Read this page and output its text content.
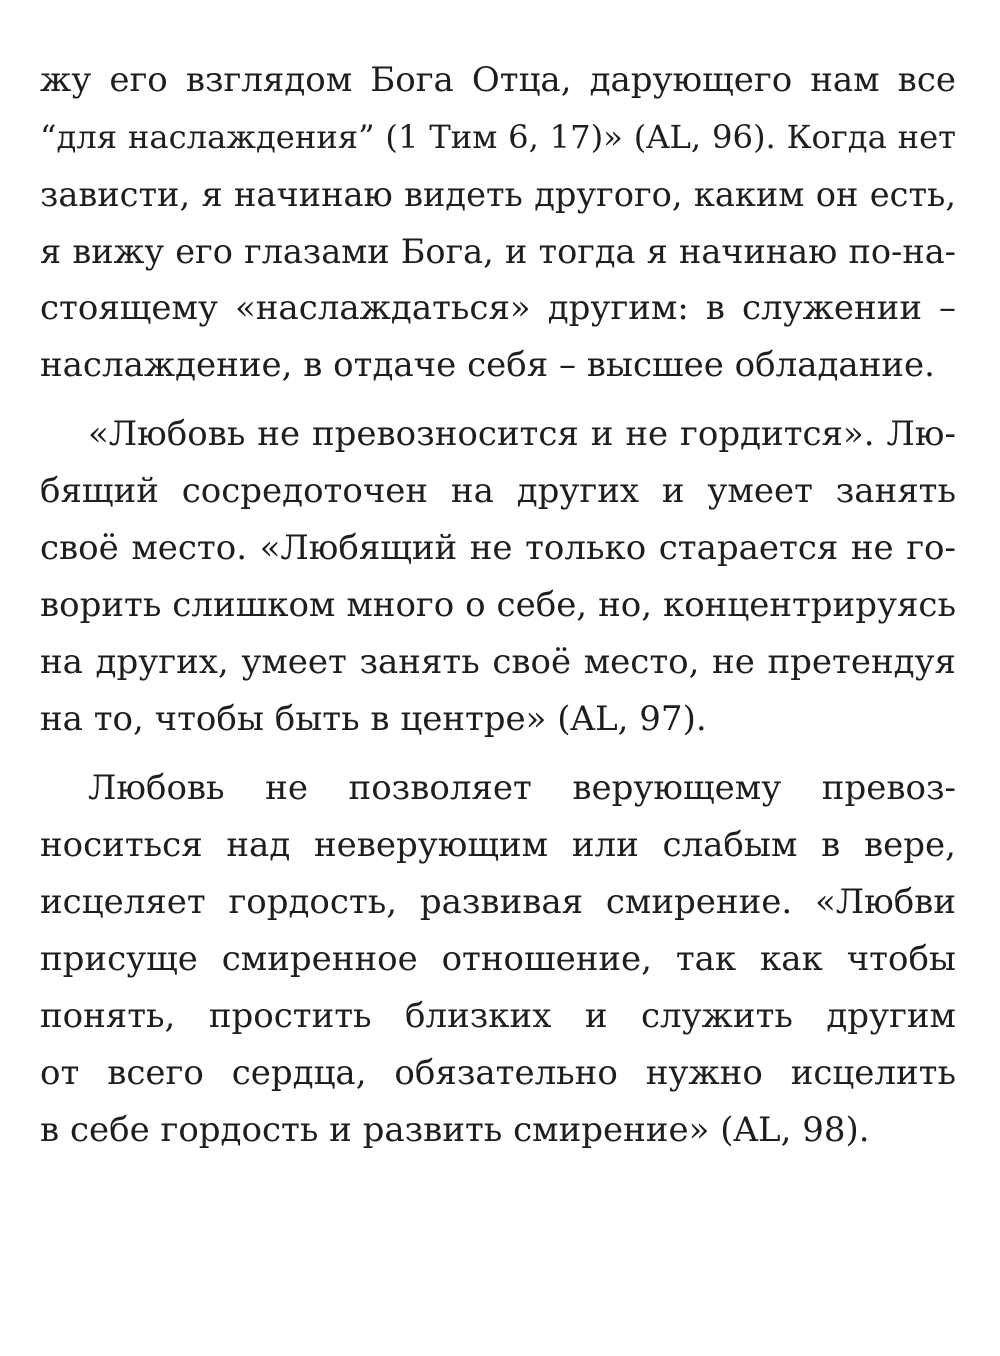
жу его взглядом Бога Отца, дарующего нам все
“для наслаждения” (1 Тим 6, 17)» (AL, 96). Когда нет
зависти, я начинаю видеть другого, каким он есть,
я вижу его глазами Бога, и тогда я начинаю по-на-
стоящему «наслаждаться» другим: в служении –
наслаждение, в отдаче себя – высшее обладание.
«Любовь не превозносится и не гордится». Лю-
бящий сосредоточен на других и умеет занять
своё место. «Любящий не только старается не го-
ворить слишком много о себе, но, концентрируясь
на других, умеет занять своё место, не претендуя
на то, чтобы быть в центре» (AL, 97).
Любовь не позволяет верующему превоз-
носиться над неверующим или слабым в вере,
исцеляет гордость, развивая смирение. «Любви
присуще смиренное отношение, так как чтобы
понять, простить близких и служить другим
от всего сердца, обязательно нужно исцелить
в себе гордость и развить смирение» (AL, 98).
